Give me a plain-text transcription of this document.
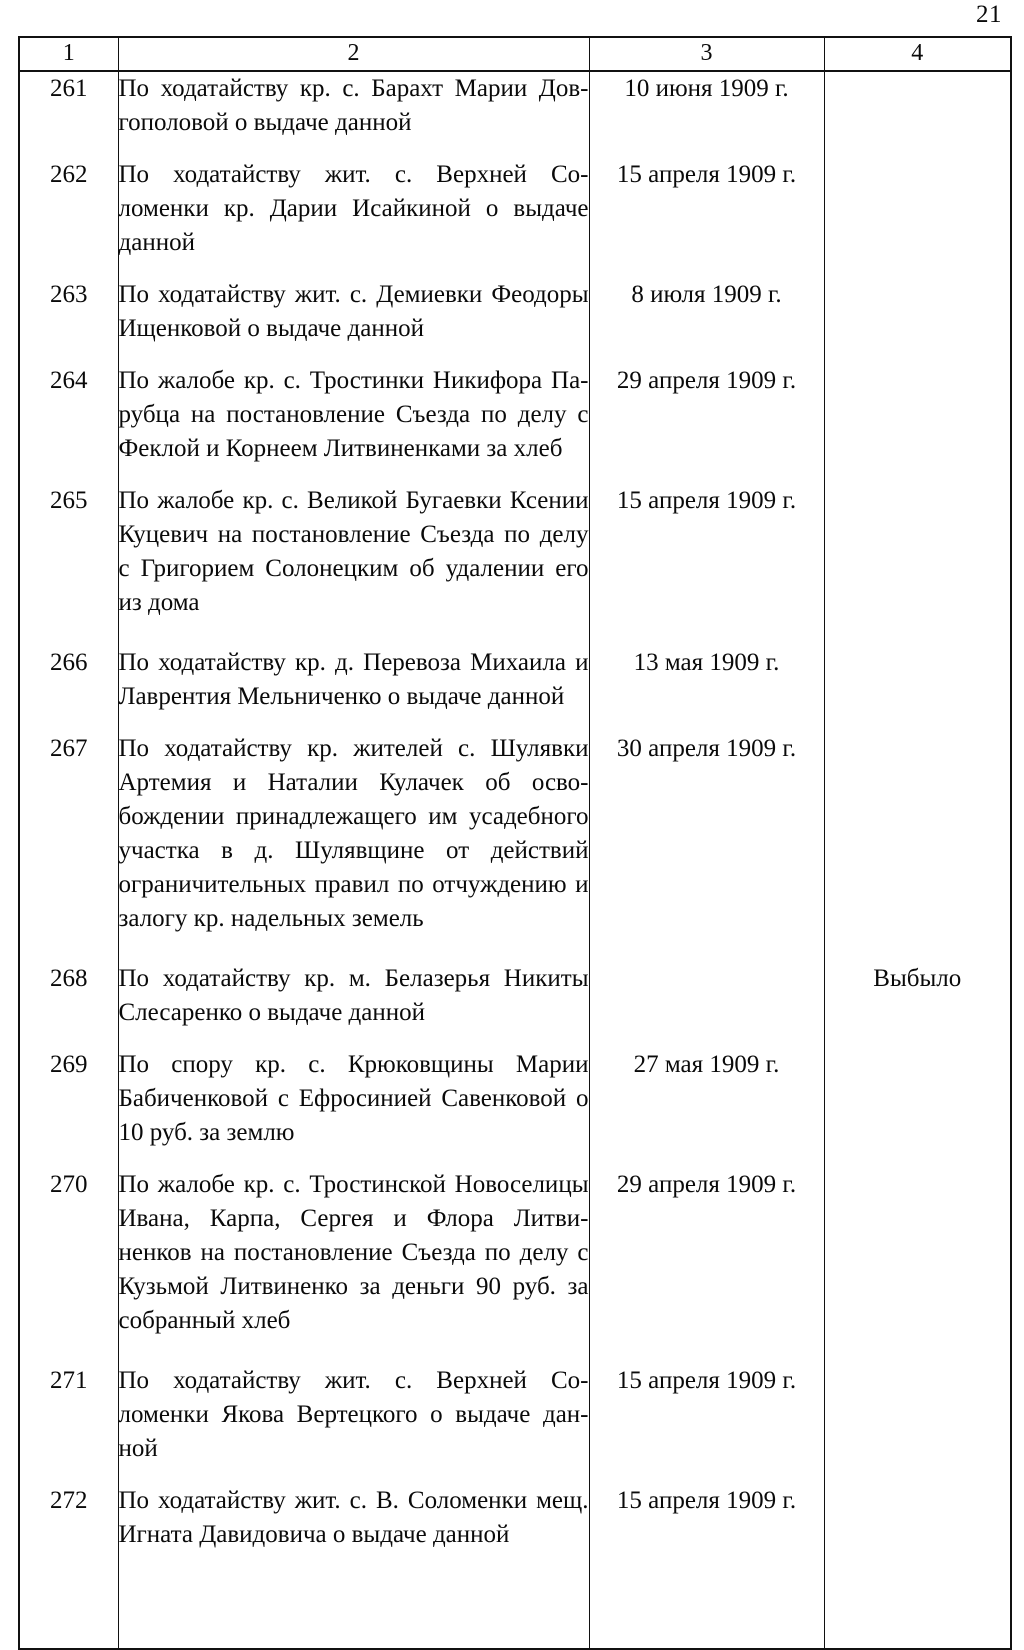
21
1	2	3	4
261	По ходатайству кр. с. Барахт Марии Дов-
гополовой о выдаче данной	10 июня 1909 г.	
262	По ходатайству жит. с. Верхней Со-
ломенки кр. Дарии Исайкиной о выдаче
данной	15 апреля 1909 г.	
263	По ходатайству жит. с. Демиевки Феодоры
Ищенковой о выдаче данной	8 июля 1909 г.	
264	По жалобе кр. с. Тростинки Никифора Па-
рубца на постановление Съезда по делу с
Феклой и Корнеем Литвиненками за хлеб	29 апреля 1909 г.	
265	По жалобе кр. с. Великой Бугаевки Ксении
Куцевич на постановление Съезда по делу
с Григорием Солонецким об удалении его
из дома	15 апреля 1909 г.	
266	По ходатайству кр. д. Перевоза Михаила и
Лаврентия Мельниченко о выдаче данной	13 мая 1909 г.	
267	По ходатайству кр. жителей с. Шулявки
Артемия и Наталии Кулачек об осво-
бождении принадлежащего им усадебного
участка в д. Шулявщине от действий
ограничительных правил по отчуждению и
залогу кр. надельных земель
	30 апреля 1909 г.	
268	По ходатайству кр. м. Белазерья Никиты
Слесаренко о выдаче данной		Выбыло
269	По спору кр. с. Крюковщины Марии
Бабиченковой с Ефросинией Савенковой о
10 руб. за землю	27 мая 1909 г.	
270	По жалобе кр. с. Тростинской Новоселицы
Ивана, Карпа, Сергея и Флора Литви-
ненков на постановление Съезда по делу с
Кузьмой Литвиненко за деньги 90 руб. за
собранный хлеб	29 апреля 1909 г.	
271	По ходатайству жит. с. Верхней Со-
ломенки Якова Вертецкого о выдаче дан-
ной	15 апреля 1909 г.	
272	По ходатайству жит. с. В. Соломенки мещ.
Игната Давидовича о выдаче данной	15 апреля 1909 г.	
